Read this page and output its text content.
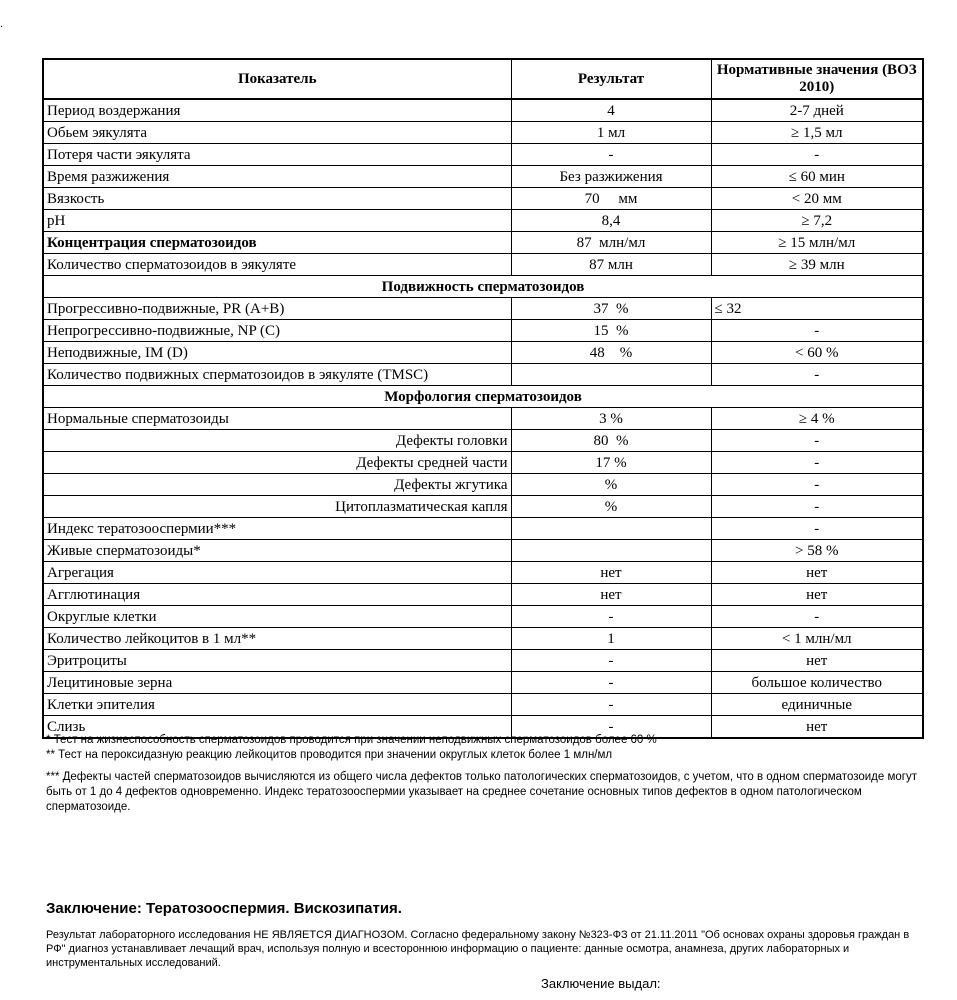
·
Показатель	Результат	Нормативные значения (ВОЗ 2010)
Период воздержания	4	2-7 дней
Обьем эякулята	1 мл	≥ 1,5 мл
Потеря части эякулята	-	-
Время разжижения	Без разжижения	≤ 60 мин
Вязкость	70     мм	< 20 мм
pH	8,4	≥ 7,2
Концентрация сперматозоидов	87  млн/мл	≥ 15 млн/мл
Количество сперматозоидов в эякуляте	87 млн	≥ 39 млн
Подвижность сперматозоидов		
Прогрессивно-подвижные, PR (A+B)	37  %	≤ 32
Непрогрессивно-подвижные, NP (C)	15  %	-
Неподвижные, IM (D)	48    %	< 60 %
Количество подвижных сперматозоидов в эякуляте (TMSC)		-
Морфология сперматозоидов		
Нормальные сперматозоиды	3 %	≥ 4 %
Дефекты головки	80  %	-
Дефекты средней части	17 %	-
Дефекты жгутика	%	-
Цитоплазматическая капля	%	-
Индекс тератозооспермии***		-
Живые сперматозоиды*		> 58 %
Агрегация	нет	нет
Агглютинация	нет	нет
Округлые клетки	-	-
Количество лейкоцитов в 1 мл**	1	< 1 млн/мл
Эритроциты	-	нет
Лецитиновые зерна	-	большое количество
Клетки эпителия	-	единичные
Слизь	-	нет
* Тест на жизнеспособность сперматозоидов проводится при значении неподвижных сперматозоидов более 60 %
** Тест на пероксидазную реакцию лейкоцитов проводится при значении округлых клеток более 1 млн/мл
*** Дефекты частей сперматозоидов вычисляются из общего числа дефектов только патологических сперматозоидов, с учетом, что в одном сперматозоиде могут быть от 1 до 4 дефектов одновременно. Индекс тератозооспермии указывает на среднее сочетание основных типов дефектов в одном патологическом сперматозоиде.
Заключение: Тератозооспермия. Вискозипатия.
Результат лабораторного исследования НЕ ЯВЛЯЕТСЯ ДИАГНОЗОМ. Согласно федеральному закону №323-ФЗ от 21.11.2011 "Об основах охраны здоровья граждан в РФ" диагноз устанавливает лечащий врач, используя полную и всестороннюю информацию о пациенте: данные осмотра, анамнеза, других лабораторных и инструментальных исследований.
Заключение выдал:
